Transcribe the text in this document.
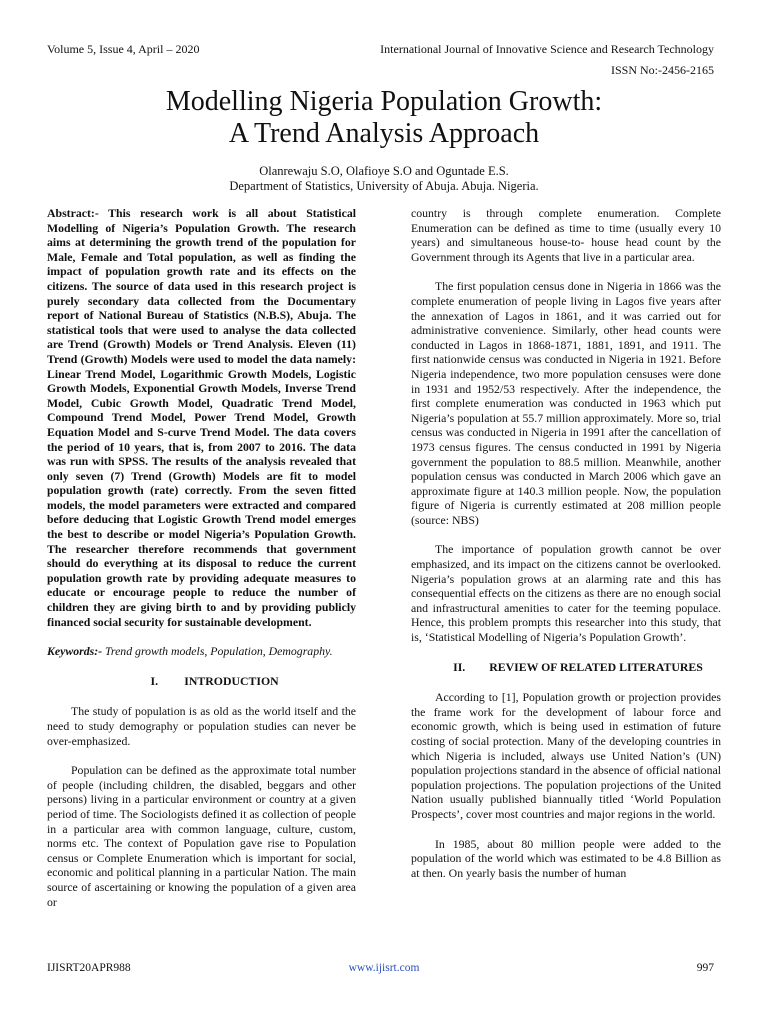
Volume 5, Issue 4, April – 2020	International Journal of Innovative Science and Research Technology
ISSN No:-2456-2165
Modelling Nigeria Population Growth:
A Trend Analysis Approach
Olanrewaju S.O, Olafioye S.O and Oguntade E.S.
Department of Statistics, University of Abuja. Abuja. Nigeria.

Abstract:- This research work is all about Statistical Modelling of Nigeria’s Population Growth. The research aims at determining the growth trend of the population for Male, Female and Total population, as well as finding the impact of population growth rate and its effects on the citizens. The source of data used in this research project is purely secondary data collected from the Documentary report of National Bureau of Statistics (N.B.S), Abuja. The statistical tools that were used to analyse the data collected are Trend (Growth) Models or Trend Analysis. Eleven (11) Trend (Growth) Models were used to model the data namely: Linear Trend Model, Logarithmic Growth Models, Logistic Growth Models, Exponential Growth Models, Inverse Trend Model, Cubic Growth Model, Quadratic Trend Model, Compound Trend Model, Power Trend Model, Growth Equation Model and S-curve Trend Model. The data covers the period of 10 years, that is, from 2007 to 2016. The data was run with SPSS. The results of the analysis revealed that only seven (7) Trend (Growth) Models are fit to model population growth (rate) correctly. From the seven fitted models, the model parameters were extracted and compared before deducing that Logistic Growth Trend model emerges the best to describe or model Nigeria’s Population Growth. The researcher therefore recommends that government should do everything at its disposal to reduce the current population growth rate by providing adequate measures to educate or encourage people to reduce the number of children they are giving birth to and by providing publicly financed social security for sustainable development.

Keywords:- Trend growth models, Population, Demography.

I. INTRODUCTION

The study of population is as old as the world itself and the need to study demography or population studies can never be over-emphasized.

Population can be defined as the approximate total number of people (including children, the disabled, beggars and other persons) living in a particular environment or country at a given period of time. The Sociologists defined it as collection of people in a particular area with common language, culture, custom, norms etc. The context of Population gave rise to Population census or Complete Enumeration which is important for social, economic and political planning in a particular Nation. The main source of ascertaining or knowing the population of a given area or

country is through complete enumeration. Complete Enumeration can be defined as time to time (usually every 10 years) and simultaneous house-to- house head count by the Government through its Agents that live in a particular area.

The first population census done in Nigeria in 1866 was the complete enumeration of people living in Lagos five years after the annexation of Lagos in 1861, and it was carried out for administrative convenience. Similarly, other head counts were conducted in Lagos in 1868-1871, 1881, 1891, and 1911. The first nationwide census was conducted in Nigeria in 1921. Before Nigeria independence, two more population censuses were done in 1931 and 1952/53 respectively. After the independence, the first complete enumeration was conducted in 1963 which put Nigeria’s population at 55.7 million approximately. More so, trial census was conducted in Nigeria in 1991 after the cancellation of 1973 census figures. The census conducted in 1991 by Nigeria government the population to 88.5 million. Meanwhile, another population census was conducted in March 2006 which gave an approximate figure at 140.3 million people. Now, the population figure of Nigeria is currently estimated at 208 million people (source: NBS)

The importance of population growth cannot be over emphasized, and its impact on the citizens cannot be overlooked. Nigeria’s population grows at an alarming rate and this has consequential effects on the citizens as there are no enough social and infrastructural amenities to cater for the teeming populace. Hence, this problem prompts this researcher into this study, that is, ‘Statistical Modelling of Nigeria’s Population Growth’.

II. REVIEW OF RELATED LITERATURES

According to [1], Population growth or projection provides the frame work for the development of labour force and economic growth, which is being used in estimation of future costing of social protection. Many of the developing countries in which Nigeria is included, always use United Nation’s (UN) population projections standard in the absence of official national population projections. The population projections of the United Nation usually published biannually titled ‘World Population Prospects’, cover most countries and major regions in the world.

In 1985, about 80 million people were added to the population of the world which was estimated to be 4.8 Billion as at then. On yearly basis the number of human

IJISRT20APR988	www.ijisrt.com	997
